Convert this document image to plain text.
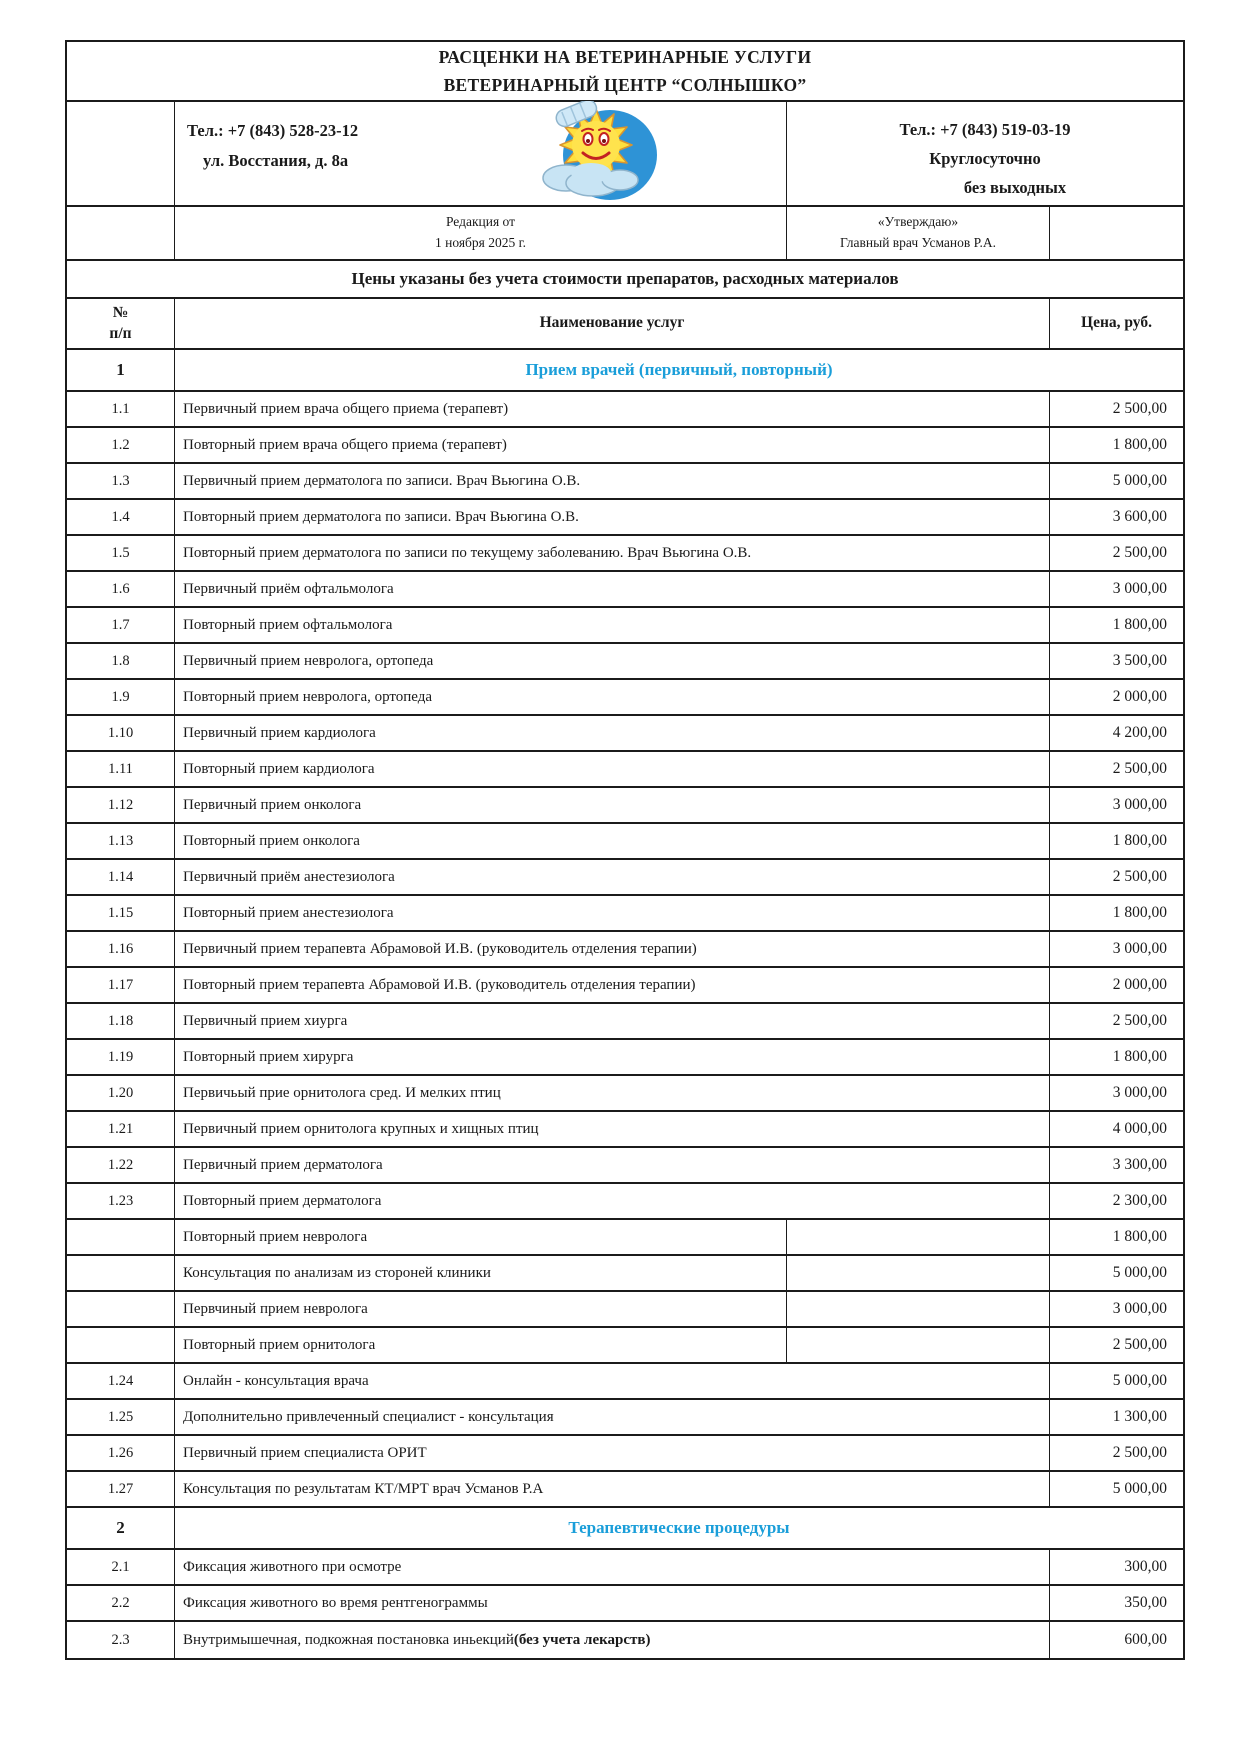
РАСЦЕНКИ НА ВЕТЕРИНАРНЫЕ УСЛУГИ
ВЕТЕРИНАРНЫЙ ЦЕНТР “СОЛНЫШКО”
Тел.: +7 (843) 528-23-12
ул. Восстания, д. 8а
Тел.: +7 (843) 519-03-19
Круглосуточно
без выходных
Редакция от
1 ноября 2025 г.
«Утверждаю»
Главный врач Усманов Р.А.
Цены указаны без учета стоимости препаратов, расходных материалов
№
п/п
Наименование услуг	Цена, руб.
1	Прием врачей (первичный, повторный)
1.1	Первичный прием врача общего приема (терапевт)	2 500,00
1.2	Повторный прием врача общего приема (терапевт)	1 800,00
1.3	Первичный прием дерматолога по записи. Врач Вьюгина О.В.	5 000,00
1.4	Повторный прием дерматолога по записи. Врач Вьюгина О.В.	3 600,00
1.5	Повторный прием дерматолога по записи по текущему заболеванию. Врач Вьюгина О.В.	2 500,00
1.6	Первичный приём офтальмолога	3 000,00
1.7	Повторный прием офтальмолога	1 800,00
1.8	Первичный прием невролога, ортопеда	3 500,00
1.9	Повторный прием невролога, ортопеда	2 000,00
1.10	Первичный прием кардиолога	4 200,00
1.11	Повторный прием кардиолога	2 500,00
1.12	Первичный прием онколога	3 000,00
1.13	Повторный прием онколога	1 800,00
1.14	Первичный приём анестезиолога	2 500,00
1.15	Повторный прием анестезиолога	1 800,00
1.16	Первичный прием терапевта Абрамовой И.В. (руководитель отделения терапии)	3 000,00
1.17	Повторный прием терапевта Абрамовой И.В. (руководитель отделения терапии)	2 000,00
1.18	Первичный прием хиурга	2 500,00
1.19	Повторный прием хирурга	1 800,00
1.20	Первичьый прие орнитолога сред. И мелких птиц	3 000,00
1.21	Первичный прием орнитолога крупных и хищных птиц	4 000,00
1.22	Первичный прием дерматолога	3 300,00
1.23	Повторный прием дерматолога	2 300,00
Повторный прием невролога	1 800,00
Консультация по анализам из стороней клиники	5 000,00
Первчиный прием невролога	3 000,00
Повторный прием орнитолога	2 500,00
1.24	Онлайн - консультация врача	5 000,00
1.25	Дополнительно привлеченный специалист - консультация	1 300,00
1.26	Первичный прием специалиста ОРИТ	2 500,00
1.27	Консультация по результатам КТ/МРТ врач Усманов Р.А	5 000,00
2	Терапевтические процедуры
2.1	Фиксация животного при осмотре	300,00
2.2	Фиксация животного во время рентгенограммы	350,00
2.3	Внутримышечная, подкожная постановка иньекций (без учета лекарств)	600,00
